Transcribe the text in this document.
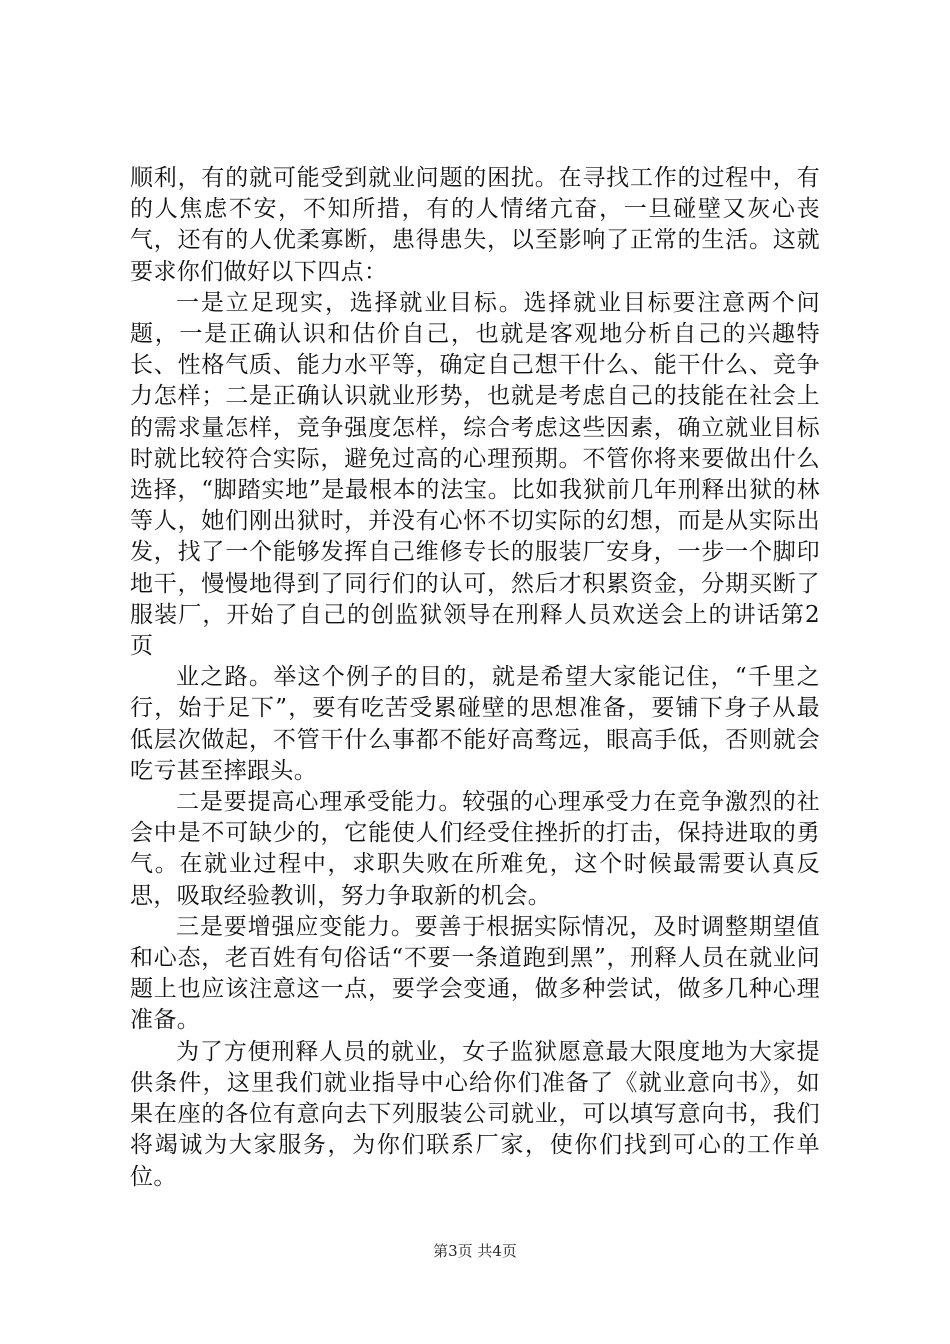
顺利，有的就可能受到就业问题的困扰。在寻找工作的过程中，有的人焦虑不安，不知所措，有的人情绪亢奋，一旦碰壁又灰心丧气，还有的人优柔寡断，患得患失，以至影响了正常的生活。这就要求你们做好以下四点：

一是立足现实，选择就业目标。选择就业目标要注意两个问题，一是正确认识和估价自己，也就是客观地分析自己的兴趣特长、性格气质、能力水平等，确定自己想干什么、能干什么、竞争力怎样；二是正确认识就业形势，也就是考虑自己的技能在社会上的需求量怎样，竞争强度怎样，综合考虑这些因素，确立就业目标时就比较符合实际，避免过高的心理预期。不管你将来要做出什么选择，“脚踏实地”是最根本的法宝。比如我狱前几年刑释出狱的林等人，她们刚出狱时，并没有心怀不切实际的幻想，而是从实际出发，找了一个能够发挥自己维修专长的服装厂安身，一步一个脚印地干，慢慢地得到了同行们的认可，然后才积累资金，分期买断了服装厂，开始了自己的创监狱领导在刑释人员欢送会上的讲话第2页

业之路。举这个例子的目的，就是希望大家能记住，“千里之行，始于足下”，要有吃苦受累碰壁的思想准备，要铺下身子从最低层次做起，不管干什么事都不能好高骛远，眼高手低，否则就会吃亏甚至摔跟头。

二是要提高心理承受能力。较强的心理承受力在竞争激烈的社会中是不可缺少的，它能使人们经受住挫折的打击，保持进取的勇气。在就业过程中，求职失败在所难免，这个时候最需要认真反思，吸取经验教训，努力争取新的机会。

三是要增强应变能力。要善于根据实际情况，及时调整期望值和心态，老百姓有句俗话“不要一条道跑到黑”，刑释人员在就业问题上也应该注意这一点，要学会变通，做多种尝试，做多几种心理准备。

为了方便刑释人员的就业，女子监狱愿意最大限度地为大家提供条件，这里我们就业指导中心给你们准备了《就业意向书》，如果在座的各位有意向去下列服装公司就业，可以填写意向书，我们将竭诚为大家服务，为你们联系厂家，使你们找到可心的工作单位。

第3页 共4页
